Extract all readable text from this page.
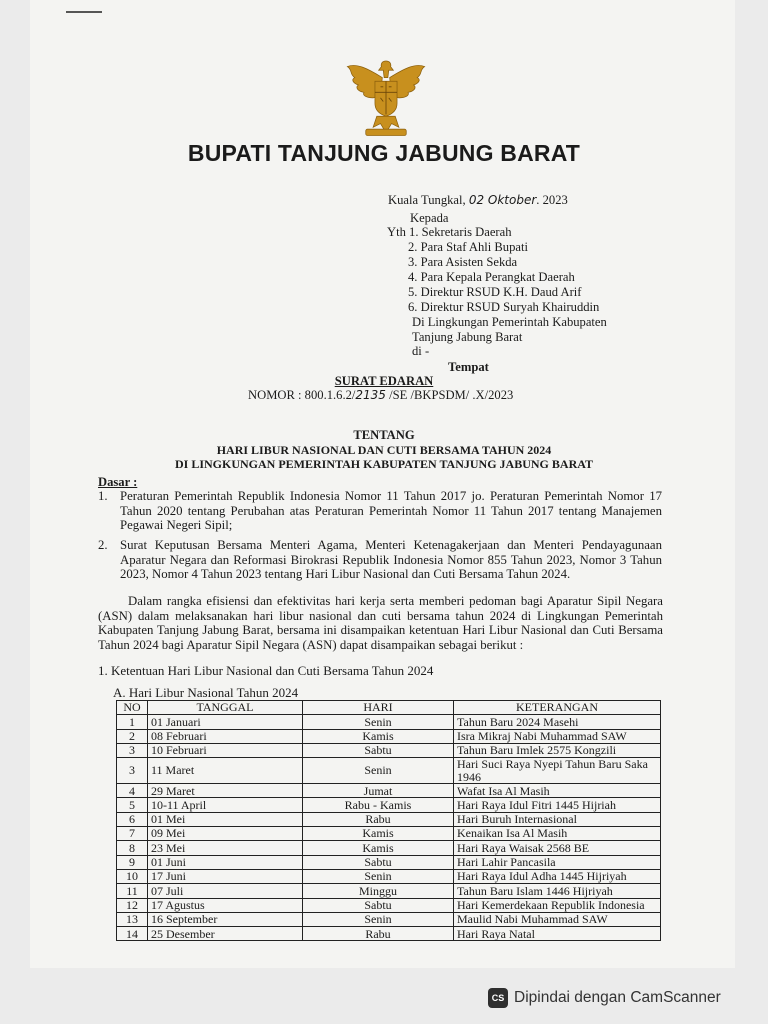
BUPATI TANJUNG JABUNG BARAT
Kuala Tungkal, 02 Oktober. 2023
Kepada
Yth 1. Sekretaris Daerah
2. Para Staf Ahli Bupati
3. Para Asisten Sekda
4. Para Kepala Perangkat Daerah
5. Direktur RSUD K.H. Daud Arif
6. Direktur RSUD Suryah Khairuddin
Di Lingkungan Pemerintah Kabupaten
Tanjung Jabung Barat
di -
Tempat
SURAT EDARAN
NOMOR : 800.1.6.2/2135 /SE /BKPSDM/ .X/2023
TENTANG
HARI LIBUR NASIONAL DAN CUTI BERSAMA TAHUN 2024
DI LINGKUNGAN PEMERINTAH KABUPATEN TANJUNG JABUNG BARAT
Dasar :
1. Peraturan Pemerintah Republik Indonesia Nomor 11 Tahun 2017 jo. Peraturan Pemerintah Nomor 17 Tahun 2020 tentang Perubahan atas Peraturan Pemerintah Nomor 11 Tahun 2017 tentang Manajemen Pegawai Negeri Sipil;
2. Surat Keputusan Bersama Menteri Agama, Menteri Ketenagakerjaan dan Menteri Pendayagunaan Aparatur Negara dan Reformasi Birokrasi Republik Indonesia Nomor 855 Tahun 2023, Nomor 3 Tahun 2023, Nomor 4 Tahun 2023 tentang Hari Libur Nasional dan Cuti Bersama Tahun 2024.
Dalam rangka efisiensi dan efektivitas hari kerja serta memberi pedoman bagi Aparatur Sipil Negara (ASN) dalam melaksanakan hari libur nasional dan cuti bersama tahun 2024 di Lingkungan Pemerintah Kabupaten Tanjung Jabung Barat, bersama ini disampaikan ketentuan Hari Libur Nasional dan Cuti Bersama Tahun 2024 bagi Aparatur Sipil Negara (ASN) dapat disampaikan sebagai berikut :
1. Ketentuan Hari Libur Nasional dan Cuti Bersama Tahun 2024
A. Hari Libur Nasional Tahun 2024
NO	TANGGAL	HARI	KETERANGAN
1	01 Januari	Senin	Tahun Baru 2024 Masehi
2	08 Februari	Kamis	Isra Mikraj Nabi Muhammad SAW
3	10 Februari	Sabtu	Tahun Baru Imlek 2575 Kongzili
3	11 Maret	Senin	Hari Suci Raya Nyepi Tahun Baru Saka 1946
4	29 Maret	Jumat	Wafat Isa Al Masih
5	10-11 April	Rabu - Kamis	Hari Raya Idul Fitri 1445 Hijriah
6	01 Mei	Rabu	Hari Buruh Internasional
7	09 Mei	Kamis	Kenaikan Isa Al Masih
8	23 Mei	Kamis	Hari Raya Waisak 2568 BE
9	01 Juni	Sabtu	Hari Lahir Pancasila
10	17 Juni	Senin	Hari Raya Idul Adha 1445 Hijriyah
11	07 Juli	Minggu	Tahun Baru Islam 1446 Hijriyah
12	17 Agustus	Sabtu	Hari Kemerdekaan Republik Indonesia
13	16 September	Senin	Maulid Nabi Muhammad SAW
14	25 Desember	Rabu	Hari Raya Natal
CS Dipindai dengan CamScanner
